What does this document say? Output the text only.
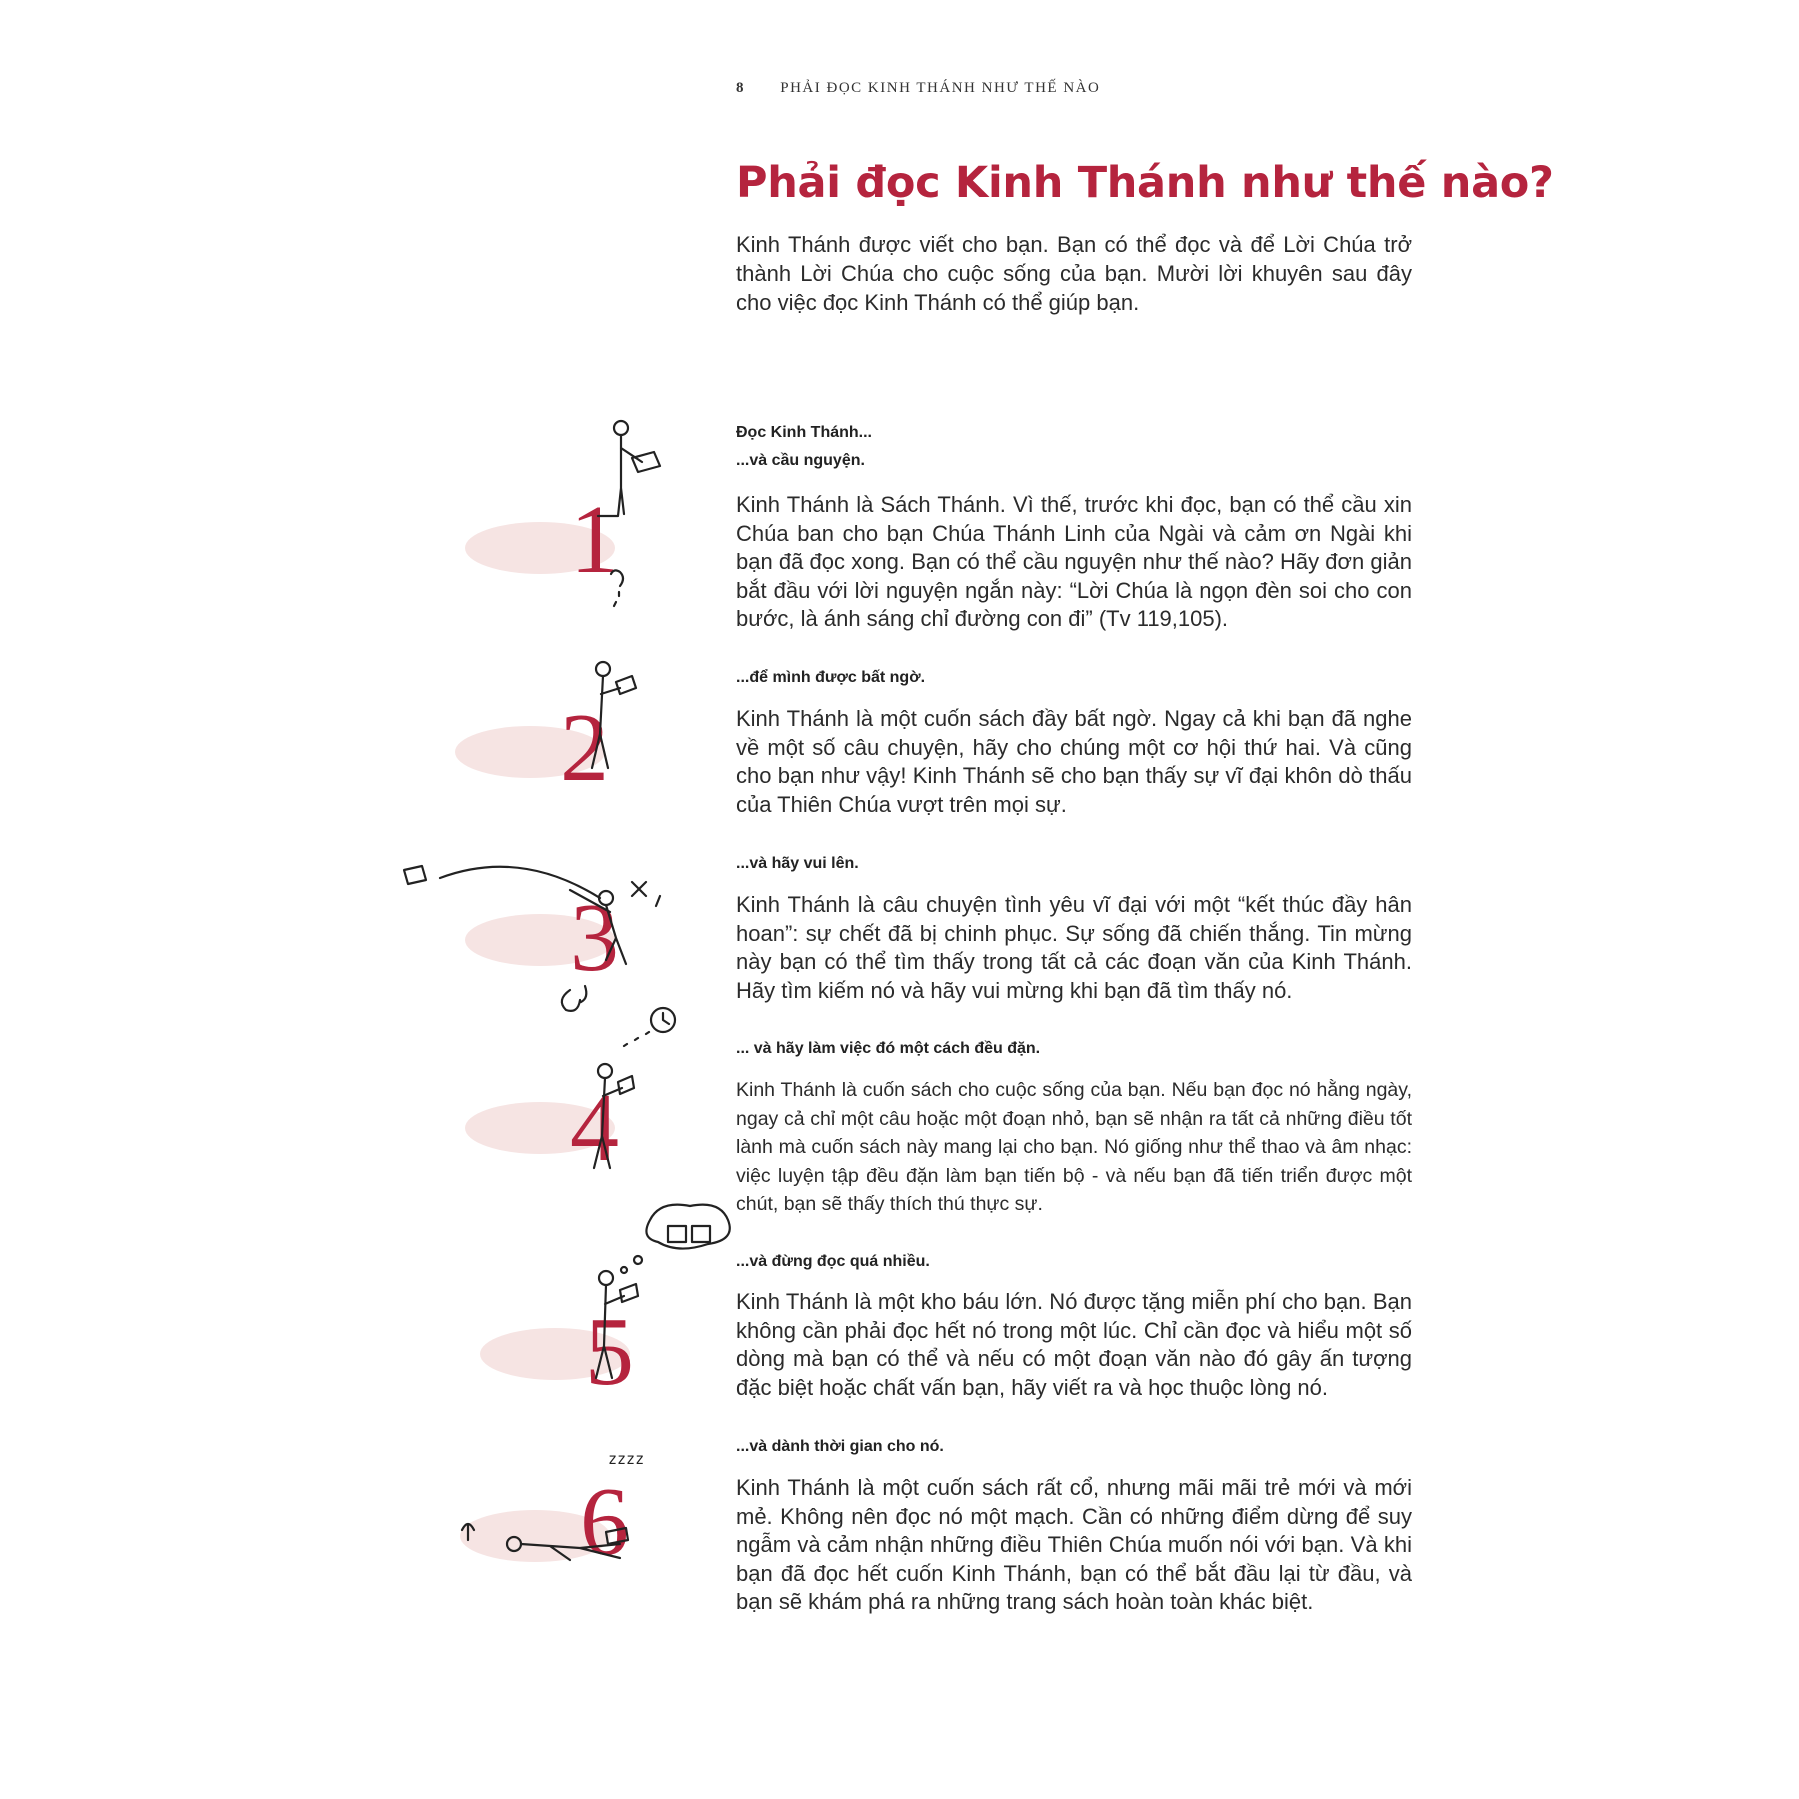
8 PHẢI ĐỌC KINH THÁNH NHƯ THẾ NÀO
Phải đọc Kinh Thánh như thế nào?

Kinh Thánh được viết cho bạn. Bạn có thể đọc và để Lời Chúa trở thành Lời Chúa cho cuộc sống của bạn. Mười lời khuyên sau đây cho việc đọc Kinh Thánh có thể giúp bạn.

Đọc Kinh Thánh...
...và cầu nguyện.

Kinh Thánh là Sách Thánh. Vì thế, trước khi đọc, bạn có thể cầu xin Chúa ban cho bạn Chúa Thánh Linh của Ngài và cảm ơn Ngài khi bạn đã đọc xong. Bạn có thể cầu nguyện như thế nào? Hãy đơn giản bắt đầu với lời nguyện ngắn này: “Lời Chúa là ngọn đèn soi cho con bước, là ánh sáng chỉ đường con đi” (Tv 119,105).

1
...để mình được bất ngờ.

Kinh Thánh là một cuốn sách đầy bất ngờ. Ngay cả khi bạn đã nghe về một số câu chuyện, hãy cho chúng một cơ hội thứ hai. Và cũng cho bạn như vậy! Kinh Thánh sẽ cho bạn thấy sự vĩ đại khôn dò thấu của Thiên Chúa vượt trên mọi sự.

2
...và hãy vui lên.

Kinh Thánh là câu chuyện tình yêu vĩ đại với một “kết thúc đầy hân hoan”: sự chết đã bị chinh phục. Sự sống đã chiến thắng. Tin mừng này bạn có thể tìm thấy trong tất cả các đoạn văn của Kinh Thánh. Hãy tìm kiếm nó và hãy vui mừng khi bạn đã tìm thấy nó.

3
... và hãy làm việc đó một cách đều đặn.

Kinh Thánh là cuốn sách cho cuộc sống của bạn. Nếu bạn đọc nó hằng ngày, ngay cả chỉ một câu hoặc một đoạn nhỏ, bạn sẽ nhận ra tất cả những điều tốt lành mà cuốn sách này mang lại cho bạn. Nó giống như thể thao và âm nhạc: việc luyện tập đều đặn làm bạn tiến bộ - và nếu bạn đã tiến triển được một chút, bạn sẽ thấy thích thú thực sự.

4
...và đừng đọc quá nhiều.

Kinh Thánh là một kho báu lớn. Nó được tặng miễn phí cho bạn. Bạn không cần phải đọc hết nó trong một lúc. Chỉ cần đọc và hiểu một số dòng mà bạn có thể và nếu có một đoạn văn nào đó gây ấn tượng đặc biệt hoặc chất vấn bạn, hãy viết ra và học thuộc lòng nó.

5
...và dành thời gian cho nó.

Kinh Thánh là một cuốn sách rất cổ, nhưng mãi mãi trẻ mới và mới mẻ. Không nên đọc nó một mạch. Cần có những điểm dừng để suy ngẫm và cảm nhận những điều Thiên Chúa muốn nói với bạn. Và khi bạn đã đọc hết cuốn Kinh Thánh, bạn có thể bắt đầu lại từ đầu, và bạn sẽ khám phá ra những trang sách hoàn toàn khác biệt.

6
zzzz
